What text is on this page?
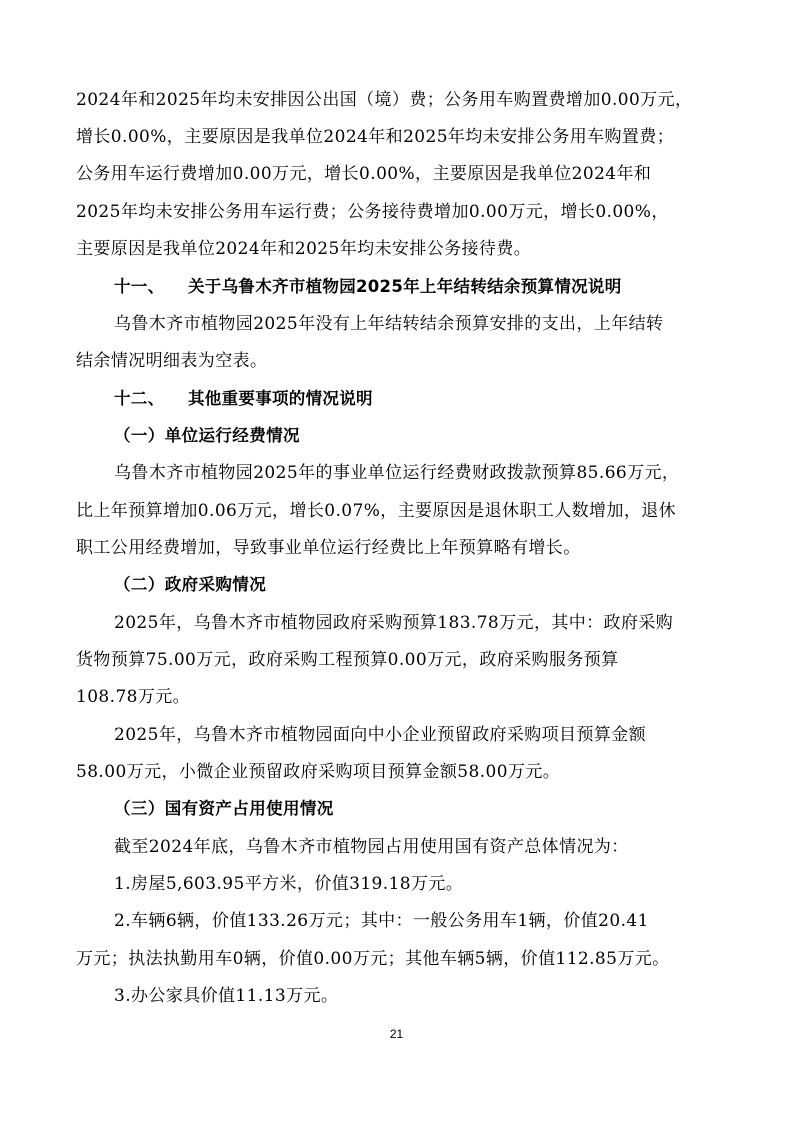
2024年和2025年均未安排因公出国（境）费；公务用车购置费增加0.00万元，
增长0.00%，主要原因是我单位2024年和2025年均未安排公务用车购置费；
公务用车运行费增加0.00万元，增长0.00%，主要原因是我单位2024年和
2025年均未安排公务用车运行费；公务接待费增加0.00万元，增长0.00%，
主要原因是我单位2024年和2025年均未安排公务接待费。
十一、 关于乌鲁木齐市植物园2025年上年结转结余预算情况说明
乌鲁木齐市植物园2025年没有上年结转结余预算安排的支出，上年结转
结余情况明细表为空表。
十二、 其他重要事项的情况说明
（一）单位运行经费情况
乌鲁木齐市植物园2025年的事业单位运行经费财政拨款预算85.66万元，
比上年预算增加0.06万元，增长0.07%，主要原因是退休职工人数增加，退休
职工公用经费增加，导致事业单位运行经费比上年预算略有增长。
（二）政府采购情况
2025年，乌鲁木齐市植物园政府采购预算183.78万元，其中：政府采购
货物预算75.00万元，政府采购工程预算0.00万元，政府采购服务预算
108.78万元。
2025年，乌鲁木齐市植物园面向中小企业预留政府采购项目预算金额
58.00万元，小微企业预留政府采购项目预算金额58.00万元。
（三）国有资产占用使用情况
截至2024年底，乌鲁木齐市植物园占用使用国有资产总体情况为：
1.房屋5,603.95平方米，价值319.18万元。
2.车辆6辆，价值133.26万元；其中：一般公务用车1辆，价值20.41
万元；执法执勤用车0辆，价值0.00万元；其他车辆5辆，价值112.85万元。
3.办公家具价值11.13万元。
21
